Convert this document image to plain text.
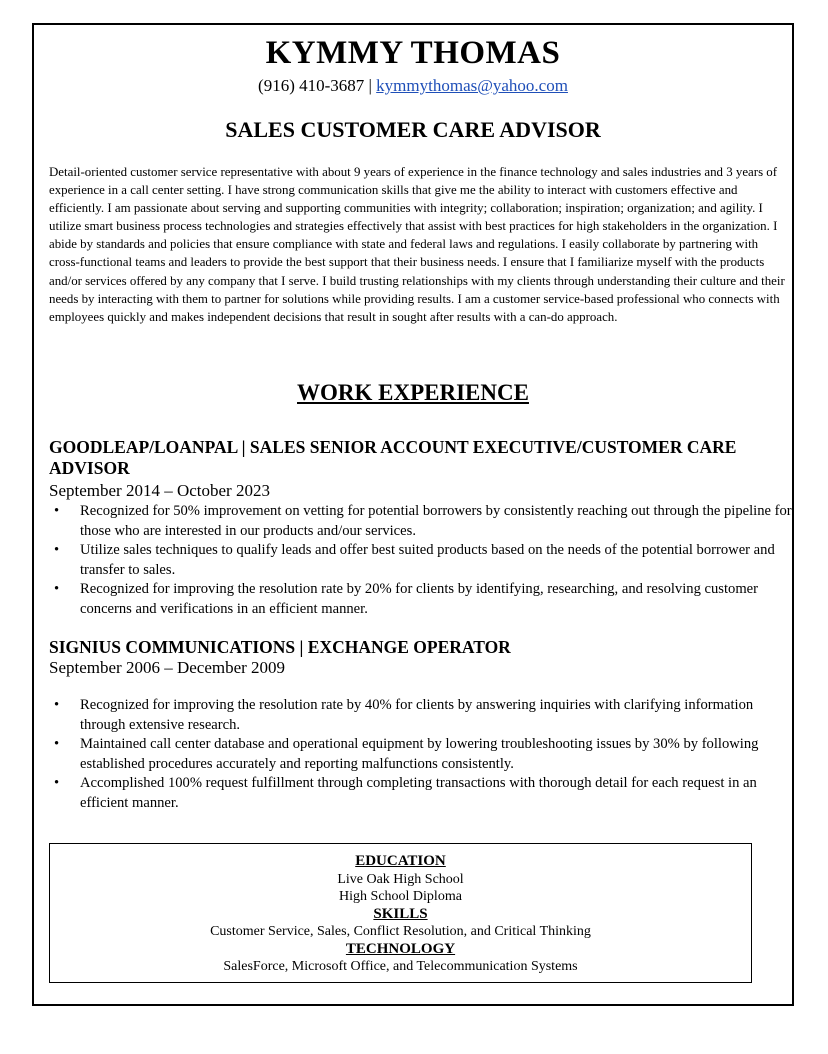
KYMMY THOMAS
(916) 410-3687 | kymmythomas@yahoo.com
SALES CUSTOMER CARE ADVISOR
Detail-oriented customer service representative with about 9 years of experience in the finance technology and sales industries and 3 years of experience in a call center setting. I have strong communication skills that give me the ability to interact with customers effective and efficiently. I am passionate about serving and supporting communities with integrity; collaboration; inspiration; organization; and agility. I utilize smart business process technologies and strategies effectively that assist with best practices for high stakeholders in the organization. I abide by standards and policies that ensure compliance with state and federal laws and regulations. I easily collaborate by partnering with cross-functional teams and leaders to provide the best support that their business needs. I ensure that I familiarize myself with the products and/or services offered by any company that I serve. I build trusting relationships with my clients through understanding their culture and their needs by interacting with them to partner for solutions while providing results. I am a customer service-based professional who connects with employees quickly and makes independent decisions that result in sought after results with a can-do approach.
WORK EXPERIENCE
GOODLEAP/LOANPAL | SALES SENIOR ACCOUNT EXECUTIVE/CUSTOMER CARE ADVISOR
September 2014 – October 2023
• Recognized for 50% improvement on vetting for potential borrowers by consistently reaching out through the pipeline for those who are interested in our products and/our services.
• Utilize sales techniques to qualify leads and offer best suited products based on the needs of the potential borrower and transfer to sales.
• Recognized for improving the resolution rate by 20% for clients by identifying, researching, and resolving customer concerns and verifications in an efficient manner.
SIGNIUS COMMUNICATIONS | EXCHANGE OPERATOR
September 2006 – December 2009
• Recognized for improving the resolution rate by 40% for clients by answering inquiries with clarifying information through extensive research.
• Maintained call center database and operational equipment by lowering troubleshooting issues by 30% by following established procedures accurately and reporting malfunctions consistently.
• Accomplished 100% request fulfillment through completing transactions with thorough detail for each request in an efficient manner.
EDUCATION
Live Oak High School
High School Diploma
SKILLS
Customer Service, Sales, Conflict Resolution, and Critical Thinking
TECHNOLOGY
SalesForce, Microsoft Office, and Telecommunication Systems
